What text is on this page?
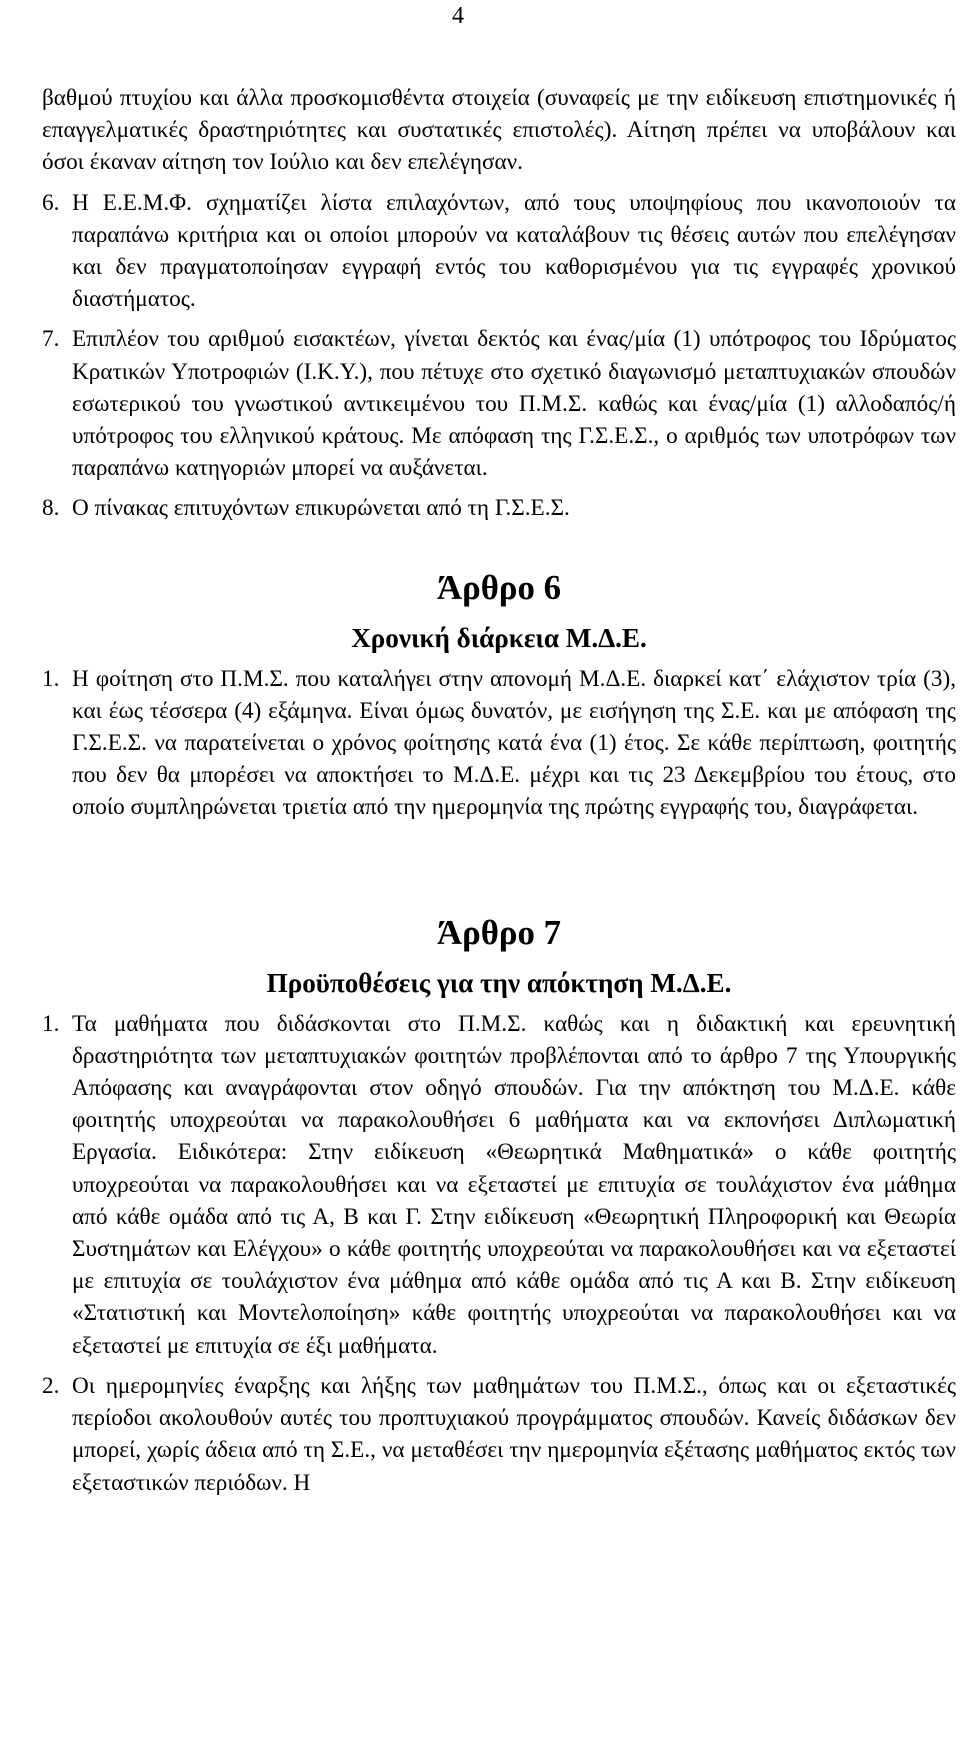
4

βαθμού πτυχίου και άλλα προσκομισθέντα στοιχεία (συναφείς με την ειδίκευση επιστημονικές ή επαγγελματικές δραστηριότητες και συστατικές επιστολές). Αίτηση πρέπει να υποβάλουν και όσοι έκαναν αίτηση τον Ιούλιο και δεν επελέγησαν.

6. Η Ε.Ε.Μ.Φ. σχηματίζει λίστα επιλαχόντων, από τους υποψηφίους που ικανοποιούν τα παραπάνω κριτήρια και οι οποίοι μπορούν να καταλάβουν τις θέσεις αυτών που επελέγησαν και δεν πραγματοποίησαν εγγραφή εντός του καθορισμένου για τις εγγραφές χρονικού διαστήματος.
7. Επιπλέον του αριθμού εισακτέων, γίνεται δεκτός και ένας/μία (1) υπότροφος του Ιδρύματος Κρατικών Υποτροφιών (Ι.Κ.Υ.), που πέτυχε στο σχετικό διαγωνισμό μεταπτυχιακών σπουδών εσωτερικού του γνωστικού αντικειμένου του Π.Μ.Σ. καθώς και ένας/μία (1) αλλοδαπός/ή υπότροφος του ελληνικού κράτους. Με απόφαση της Γ.Σ.Ε.Σ., ο αριθμός των υποτρόφων των παραπάνω κατηγοριών μπορεί να αυξάνεται.
8. Ο πίνακας επιτυχόντων επικυρώνεται από τη Γ.Σ.Ε.Σ.
Άρθρο 6
Χρονική διάρκεια Μ.Δ.Ε.
1. Η φοίτηση στο Π.Μ.Σ. που καταλήγει στην απονομή Μ.Δ.Ε. διαρκεί κατ΄ ελάχιστον τρία (3), και έως τέσσερα (4) εξάμηνα. Είναι όμως δυνατόν, με εισήγηση της Σ.Ε. και με απόφαση της Γ.Σ.Ε.Σ. να παρατείνεται ο χρόνος φοίτησης κατά ένα (1) έτος. Σε κάθε περίπτωση, φοιτητής που δεν θα μπορέσει να αποκτήσει το Μ.Δ.Ε. μέχρι και τις 23 Δεκεμβρίου του έτους, στο οποίο συμπληρώνεται τριετία από την ημερομηνία της πρώτης εγγραφής του, διαγράφεται.
Άρθρο 7
Προϋποθέσεις για την απόκτηση Μ.Δ.Ε.
1. Τα μαθήματα που διδάσκονται στο Π.Μ.Σ. καθώς και η διδακτική και ερευνητική δραστηριότητα των μεταπτυχιακών φοιτητών προβλέπονται από το άρθρο 7 της Υπουργικής Απόφασης και αναγράφονται στον οδηγό σπουδών. Για την απόκτηση του Μ.Δ.Ε. κάθε φοιτητής υποχρεούται να παρακολουθήσει 6 μαθήματα και να εκπονήσει Διπλωματική Εργασία. Ειδικότερα: Στην ειδίκευση «Θεωρητικά Μαθηματικά» ο κάθε φοιτητής υποχρεούται να παρακολουθήσει και να εξεταστεί με επιτυχία σε τουλάχιστον ένα μάθημα από κάθε ομάδα από τις Α, Β και Γ. Στην ειδίκευση «Θεωρητική Πληροφορική και Θεωρία Συστημάτων και Ελέγχου» ο κάθε φοιτητής υποχρεούται να παρακολουθήσει και να εξεταστεί με επιτυχία σε τουλάχιστον ένα μάθημα από κάθε ομάδα από τις Α και Β. Στην ειδίκευση «Στατιστική και Μοντελοποίηση» κάθε φοιτητής υποχρεούται να παρακολουθήσει και να εξεταστεί με επιτυχία σε έξι μαθήματα.
2. Οι ημερομηνίες έναρξης και λήξης των μαθημάτων του Π.Μ.Σ., όπως και οι εξεταστικές περίοδοι ακολουθούν αυτές του προπτυχιακού προγράμματος σπουδών. Κανείς διδάσκων δεν μπορεί, χωρίς άδεια από τη Σ.Ε., να μεταθέσει την ημερομηνία εξέτασης μαθήματος εκτός των εξεταστικών περιόδων. Η
